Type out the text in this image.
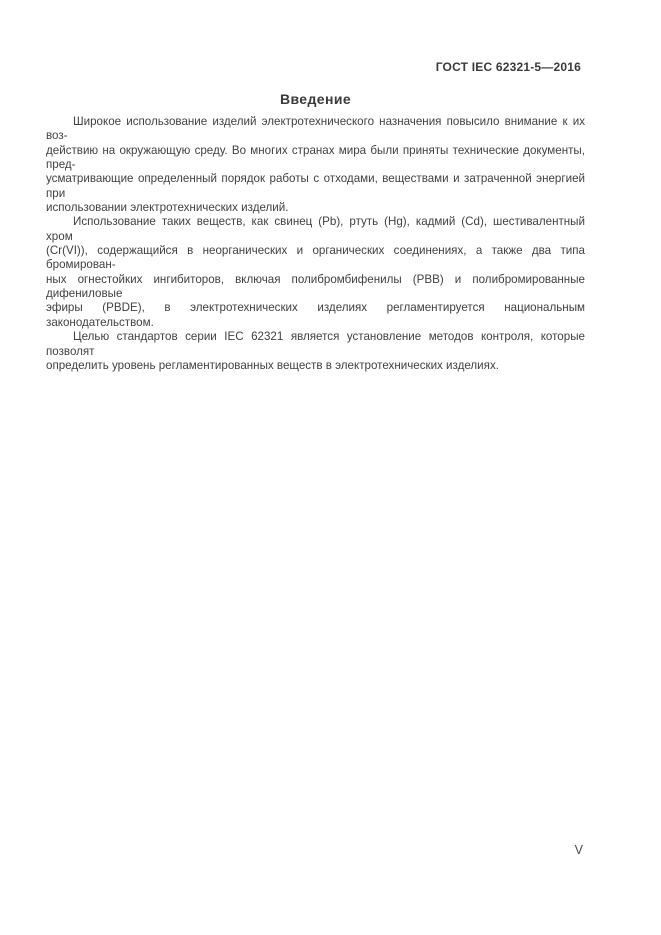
ГОСТ IEC 62321-5—2016
Введение
Широкое использование изделий электротехнического назначения повысило внимание к их воз-
действию на окружающую среду. Во многих странах мира были приняты технические документы, пред-
усматривающие определенный порядок работы с отходами, веществами и затраченной энергией при
использовании электротехнических изделий.
Использование таких веществ, как свинец (Pb), ртуть (Hg), кадмий (Cd), шестивалентный хром
(Cr(VI)), содержащийся в неорганических и органических соединениях, а также два типа бромирован-
ных огнестойких ингибиторов, включая полибромбифенилы (PBB) и полибромированные дифениловые
эфиры (PBDE), в электротехнических изделиях регламентируется национальным законодательством.
Целью стандартов серии IEC 62321 является установление методов контроля, которые позволят
определить уровень регламентированных веществ в электротехнических изделиях.
V
